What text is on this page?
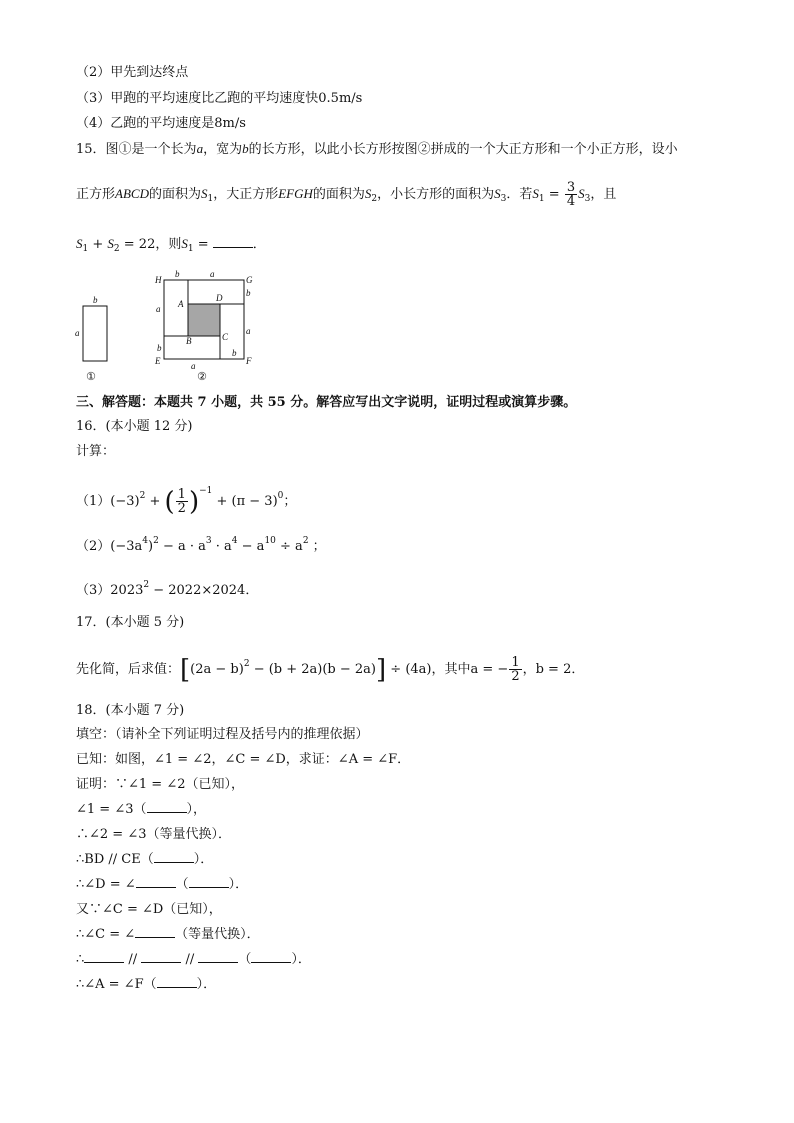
（2）甲先到达终点
（3）甲跑的平均速度比乙跑的平均速度快0.5m/s
（4）乙跑的平均速度是8m/s
15．图①是一个长为a，宽为b的长方形，以此小长方形按图②拼成的一个大正方形和一个小正方形，设小
正方形ABCD的面积为$S_1$，大正方形EFGH的面积为$S_2$，小长方形的面积为$S_3$．若$S_1 = \frac{3}{4} S_3$，且
$S_1 + S_2 = 22$，则$S_1$ =	．
b
a
b	a
H	G
b
a A
D
a
C
B
b
E	F
a
b
①	②
三、解答题：本题共 7 小题，共 55 分。解答应写出文字说明，证明过程或演算步骤。
16．(本小题 12 分)
计算：
$(1)(-3)^2$ + ( $\frac{1}{2} )^{-1} + (\pi - 3)^0$；
$(2)(-3a^4)^2 - a \cdot a^3 \cdot a^4 - a^{10} \div a^2$ ；
$(3)2023^2 - 2022\times 2024$．
17．(本小题 5 分)
先化简，后求值：$[(2a - b)^2 - (b + 2a)(b - 2a)] \div (4a)$，其中a = − $\frac{1}{2}$ ，b = 2．
18．(本小题 7 分)
填空：（请补全下列证明过程及括号内的推理依据）
已知：如图，∠1 = ∠2，∠C = ∠D，求证：∠A = ∠F．
证明：∵∠1 = ∠2（已知），
∠1 = ∠3（	），
∴∠2 = ∠3（等量代换）．
∴BD // CE（	）．
∴∠D = ∠	（	）．
又∵∠C = ∠D（已知），
∴∠C = ∠	（等量代换）．
∴	//	//	（	）．
∴∠A = ∠F（	）．
